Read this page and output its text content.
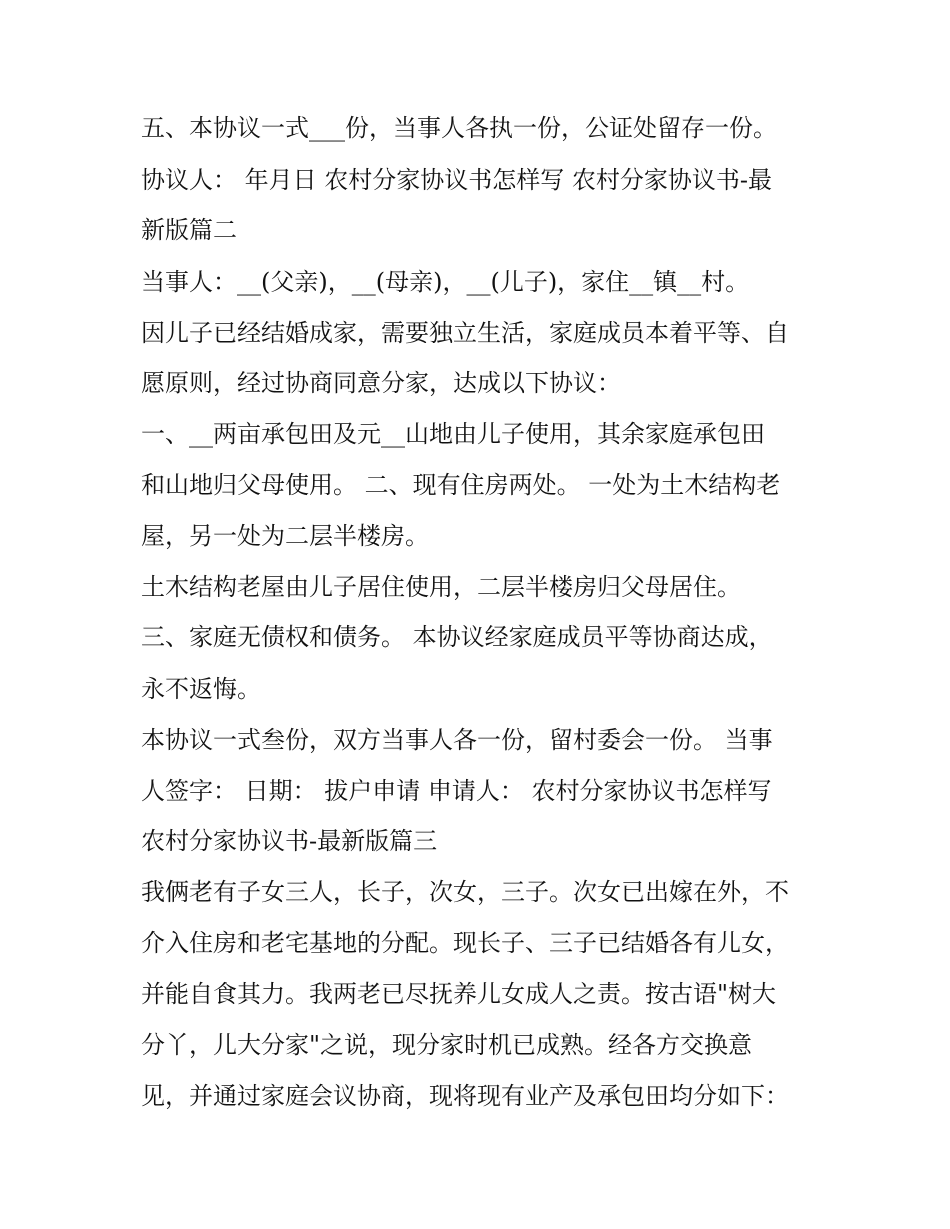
五、本协议一式___份，当事人各执一份，公证处留存一份。

协议人： 年月日 农村分家协议书怎样写 农村分家协议书-最

新版篇二

当事人：__(父亲)，__(母亲)，__(儿子)，家住__镇__村。

因儿子已经结婚成家，需要独立生活，家庭成员本着平等、自

愿原则，经过协商同意分家，达成以下协议：

一、__两亩承包田及元__山地由儿子使用，其余家庭承包田

和山地归父母使用。 二、现有住房两处。 一处为土木结构老

屋，另一处为二层半楼房。

土木结构老屋由儿子居住使用，二层半楼房归父母居住。

三、家庭无债权和债务。 本协议经家庭成员平等协商达成，

永不返悔。

本协议一式叁份，双方当事人各一份，留村委会一份。 当事

人签字： 日期： 拔户申请 申请人： 农村分家协议书怎样写

农村分家协议书-最新版篇三

我俩老有子女三人，长子，次女，三子。次女已出嫁在外，不

介入住房和老宅基地的分配。现长子、三子已结婚各有儿女，

并能自食其力。我两老已尽抚养儿女成人之责。按古语"树大

分丫，儿大分家"之说，现分家时机已成熟。经各方交换意

见，并通过家庭会议协商，现将现有业产及承包田均分如下：
